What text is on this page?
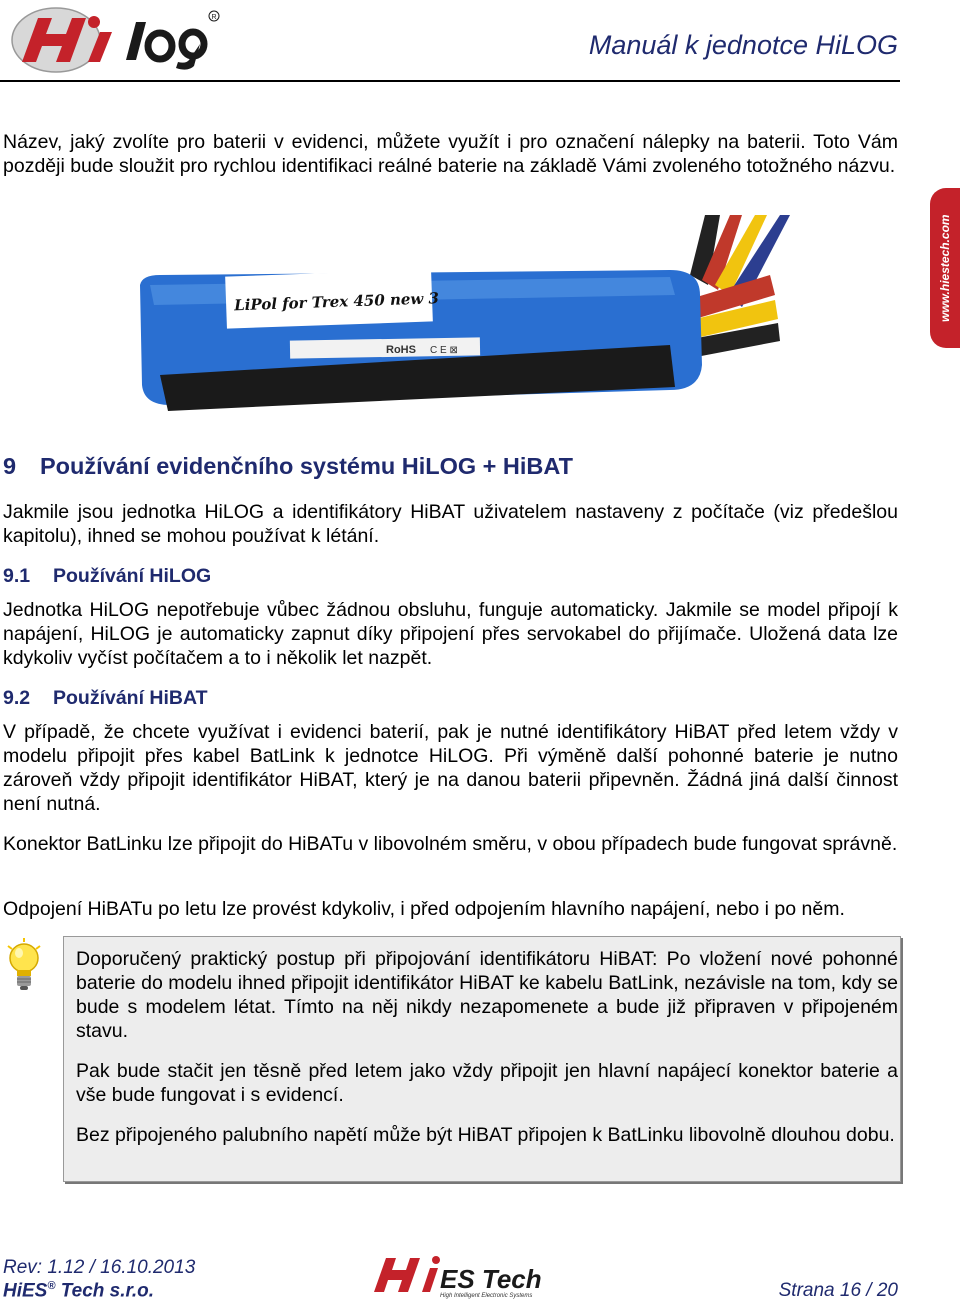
R
Manuál k jednotce HiLOG
www.hiestech.com
Název, jaký zvolíte pro baterii v evidenci, můžete využít i pro označení nálepky na baterii. Toto Vám později bude sloužit pro rychlou identifikaci reálné baterie na základě Vámi zvoleného totožného názvu.
LiPol for Trex 450 new 3
RoHS C E ⊠
9 Používání evidenčního systému HiLOG + HiBAT
Jakmile jsou jednotka HiLOG a identifikátory HiBAT uživatelem nastaveny z počítače (viz předešlou kapitolu), ihned se mohou používat k létání.
9.1 Používání HiLOG
Jednotka HiLOG nepotřebuje vůbec žádnou obsluhu, funguje automaticky. Jakmile se model připojí k napájení, HiLOG je automaticky zapnut díky připojení přes servokabel do přijímače. Uložená data lze kdykoliv vyčíst počítačem a to i několik let nazpět.
9.2 Používání HiBAT
V případě, že chcete využívat i evidenci baterií, pak je nutné identifikátory HiBAT před letem vždy v modelu připojit přes kabel BatLink k jednotce HiLOG. Při výměně další pohonné baterie je nutno zároveň vždy připojit identifikátor HiBAT, který je na danou baterii připevněn. Žádná jiná další činnost není nutná.
Konektor BatLinku lze připojit do HiBATu v libovolném směru, v obou případech bude fungovat správně.
Odpojení HiBATu po letu lze provést kdykoliv, i před odpojením hlavního napájení, nebo i po něm.
Doporučený praktický postup při připojování identifikátoru HiBAT: Po vložení nové pohonné baterie do modelu ihned připojit identifikátor HiBAT ke kabelu BatLink, nezávisle na tom, kdy se bude s modelem létat. Tímto na něj nikdy nezapomenete a bude již připraven v připojeném stavu.
Pak bude stačit jen těsně před letem jako vždy připojit jen hlavní napájecí konektor baterie a vše bude fungovat i s evidencí.
Bez připojeného palubního napětí může být HiBAT připojen k BatLinku libovolně dlouhou dobu.
Rev: 1.12 / 16.10.2013
HiES® Tech s.r.o.	ES Tech
High Intelligent Electronic Systems	Strana 16 / 20
